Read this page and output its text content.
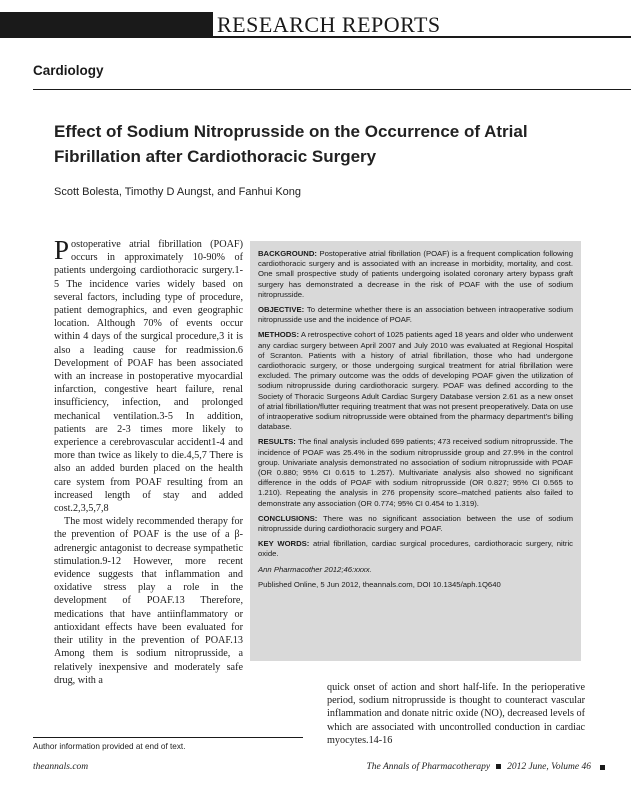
RESEARCH REPORTS
Cardiology
Effect of Sodium Nitroprusside on the Occurrence of Atrial Fibrillation after Cardiothoracic Surgery
Scott Bolesta, Timothy D Aungst, and Fanhui Kong

Postoperative atrial fibrillation (POAF) occurs in approximately 10-90% of patients undergoing cardiothoracic surgery.1-5 The incidence varies widely based on several factors, including type of procedure, patient demographics, and even geographic location. Although 70% of events occur within 4 days of the surgical procedure,3 it is also a leading cause for readmission.6 Development of POAF has been associated with an increase in postoperative myocardial infarction, congestive heart failure, renal insufficiency, infection, and prolonged mechanical ventilation.3-5 In addition, patients are 2-3 times more likely to experience a cerebrovascular accident1-4 and more than twice as likely to die.4,5,7 There is also an added burden placed on the health care system from POAF resulting from an increased length of stay and added cost.2,3,5,7,8

The most widely recommended therapy for the prevention of POAF is the use of a β-adrenergic antagonist to decrease sympathetic stimulation.9-12 However, more recent evidence suggests that inflammation and oxidative stress play a role in the development of POAF.13 Therefore, medications that have antiinflammatory or antioxidant effects have been evaluated for their utility in the prevention of POAF.13 Among them is sodium nitroprusside, a relatively inexpensive and moderately safe drug, with a

BACKGROUND: Postoperative atrial fibrillation (POAF) is a frequent complication following cardiothoracic surgery and is associated with an increase in morbidity, mortality, and cost. One small prospective study of patients undergoing isolated coronary artery bypass graft surgery has demonstrated a decrease in the risk of POAF with the use of sodium nitroprusside.
OBJECTIVE: To determine whether there is an association between intraoperative sodium nitroprusside use and the incidence of POAF.
METHODS: A retrospective cohort of 1025 patients aged 18 years and older who underwent any cardiac surgery between April 2007 and July 2010 was evaluated at Regional Hospital of Scranton. Patients with a history of atrial fibrillation, those who had undergone cardiothoracic surgery, or those undergoing surgical treatment for atrial fibrillation were excluded. The primary outcome was the odds of developing POAF given the utilization of sodium nitroprusside during cardiothoracic surgery. POAF was defined according to the Society of Thoracic Surgeons Adult Cardiac Surgery Database version 2.61 as a new onset of atrial fibrillation/flutter requiring treatment that was not present preoperatively. Data on use of intraoperative sodium nitroprusside were obtained from the pharmacy department's billing database.
RESULTS: The final analysis included 699 patients; 473 received sodium nitroprusside. The incidence of POAF was 25.4% in the sodium nitroprusside group and 27.9% in the control group. Univariate analysis demonstrated no association of sodium nitroprusside with POAF (OR 0.880; 95% CI 0.615 to 1.257). Multivariate analysis also showed no significant difference in the odds of POAF with sodium nitroprusside (OR 0.827; 95% CI 0.565 to 1.210). Repeating the analysis in 276 propensity score–matched patients also failed to demonstrate any association (OR 0.774; 95% CI 0.454 to 1.319).
CONCLUSIONS: There was no significant association between the use of sodium nitroprusside during cardiothoracic surgery and POAF.
KEY WORDS: atrial fibrillation, cardiac surgical procedures, cardiothoracic surgery, nitric oxide.
Ann Pharmacother 2012;46:xxxx.
Published Online, 5 Jun 2012, theannals.com, DOI 10.1345/aph.1Q640
quick onset of action and short half-life. In the perioperative period, sodium nitroprusside is thought to counteract vascular inflammation and donate nitric oxide (NO), decreased levels of which are associated with uncontrolled conduction in cardiac myocytes.14-16
Author information provided at end of text.
theannals.com	The Annals of Pharmacotherapy 2012 June, Volume 46
